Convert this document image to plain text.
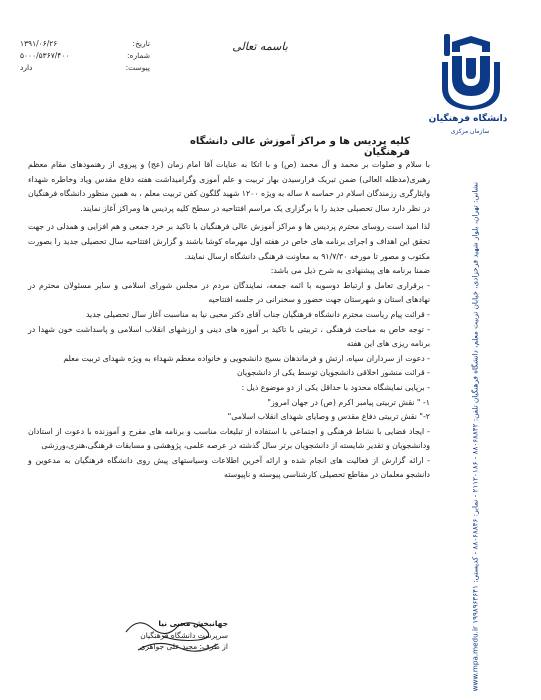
تاریخ:
۱۳۹۱/۰۶/۲۶
شماره:
۵۰۰۰/۵۳۶۷/۴۰۰
پیوست:
دارد
باسمه تعالی
دانشگاه فرهنگیان
سازمان مرکزی
کلیه پردیس ها و مراکز آموزش عالی دانشگاه فرهنگیان

با سلام و صلوات بر محمد و آل محمد (ص) و با اتکا به عنایات آقا امام زمان (عج) و پیروی از رهنمودهای مقام معظم رهبری(مدظله العالی) ضمن تبریک فرارسیدن بهار تربیت و علم آموزی وگرامیداشت هفته دفاع مقدس ویاد وخاطره شهداء وایثارگری رزمندگان اسلام در حماسه ۸ ساله به ویژه ۱۲۰۰ شهید گلگون کفن تربیت معلم ، به همین منظور دانشگاه فرهنگیان در نظر دارد سال تحصیلی جدید را با برگزاری یک مراسم افتتاحیه در سطح کلیه پردیس ها ومراکز آغاز نمایند.

لذا امید است روسای محترم پردیس ها و مراکز آموزش عالی فرهنگیان با تاکید بر خرد جمعی و هم افزایی و همدلی در جهت تحقق این اهداف و اجرای برنامه های خاص در هفته اول مهرماه کوشا باشند و گزارش افتتاحیه سال تحصیلی جدید را بصورت مکتوب و مصور تا مورخه ۹۱/۷/۳۰ به معاونت فرهنگی دانشگاه ارسال نمایند.

ضمنا برنامه های پیشنهادی به شرح ذیل می باشد:

- برقراری تعامل و ارتباط دوسویه با ائمه جمعه، نمایندگان مردم در مجلس شورای اسلامی و سایر مسئولان محترم در نهادهای استان و شهرستان جهت حضور و سخنرانی در جلسه افتتاحیه

- قرائت پیام ریاست محترم دانشگاه فرهنگیان جناب آقای دکتر محبی نیا به مناسبت آغاز سال تحصیلی جدید

- توجه خاص به مباحث فرهنگی ، تربیتی با تاکید بر آموزه های دینی و ارزشهای انقلاب اسلامی و پاسداشت خون شهدا در برنامه ریزی های این هفته

- دعوت از سرداران سپاه، ارتش و فرماندهان بسیج دانشجویی و خانواده معظم شهداء به ویژه شهدای تربیت معلم

- قرائت منشور اخلاقی دانشجویان توسط یکی از دانشجویان

- برپایی نمایشگاه محدود با حداقل یکی از دو موضوع ذیل :

۱- " نقش تربیتی پیامبر اکرم (ص) در جهان امروز"

۲-" نقش تربیتی دفاع مقدس و وصایای شهدای انقلاب اسلامی"

- ایجاد فضایی با نشاط فرهنگی و اجتماعی با استفاده از تبلیغات مناسب و برنامه های مفرح و آموزنده با دعوت از استادان ودانشجویان و تقدیر شایسته از دانشجویان برتر سال گذشته در عرصه علمی، پژوهشی و مسابقات فرهنگی،هنری،ورزشی

- ارائه گزارش از فعالیت های انجام شده و ارائه آخرین اطلاعات وسیاستهای پیش روی دانشگاه فرهنگیان به مدعوین و دانشجو معلمان در مقاطع تحصیلی کارشناسی پیوسته و ناپیوسته

نشانی: تهران، بلوار شهید فرحزادی، خیابان تربیت معلم، دانشگاه فرهنگیان تلفن: ۸۸۰۶۸۸۴۲ - ۲۱۱۲۰۱۸۶ - نمابر: ۸۸۰۶۸۸۴۶ - کدپستی: ۱۹۹۸۹۶۳۶۴۱ www.mpa.medu.ir
جهانبخش محبی نیا
سرپرست دانشگاه فرهنگیان
از طرف: مجید علی جواهری
